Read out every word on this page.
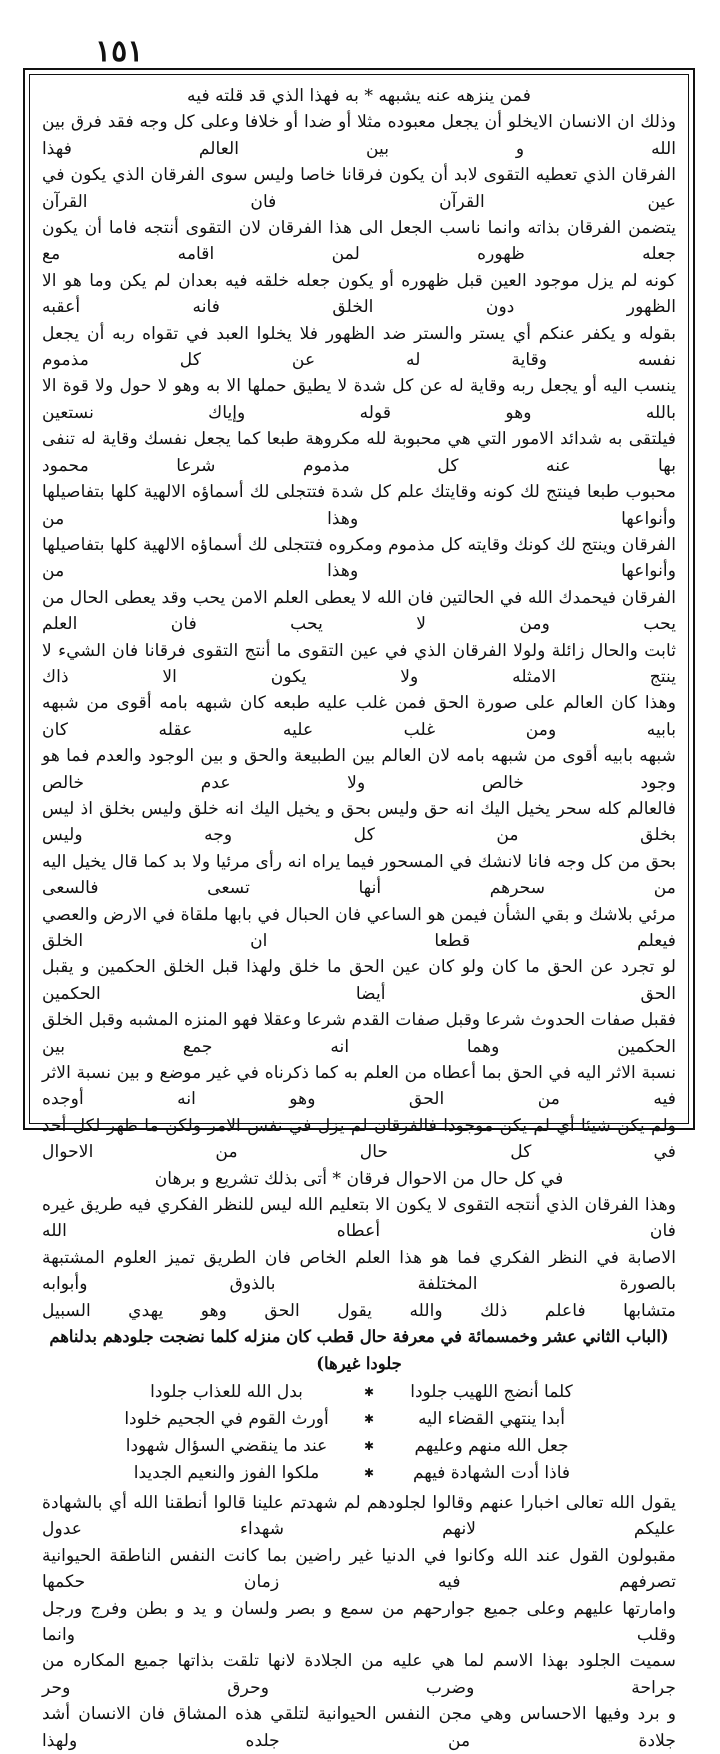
١٥١

فمن ينزهه عنه يشبهه * به فهذا الذي قد قلته فيه

وذلك ان الانسان الايخلو أن يجعل معبوده مثلا أو ضدا أو خلافا وعلى كل وجه فقد فرق بين الله و بين العالم فهذا

الفرقان الذي تعطيه التقوى لابد أن يكون فرقانا خاصا وليس سوى الفرقان الذي يكون في عين القرآن فان القرآن

يتضمن الفرقان بذاته وانما ناسب الجعل الى هذا الفرقان لان التقوى أنتجه فاما أن يكون جعله ظهوره لمن اقامه مع

كونه لم يزل موجود العين قبل ظهوره أو يكون جعله خلقه فيه بعدان لم يكن وما هو الا الظهور دون الخلق فانه أعقبه

بقوله و يكفر عنكم أي يستر والستر ضد الظهور فلا يخلوا العبد في تقواه ربه أن يجعل نفسه وقاية له عن كل مذموم

ينسب اليه أو يجعل ربه وقاية له عن كل شدة لا يطيق حملها الا به وهو لا حول ولا قوة الا بالله وهو قوله وإياك نستعين

فيلتقى به شدائد الامور التي هي محبوبة لله مكروهة طبعا كما يجعل نفسك وقاية له تنفى بها عنه كل مذموم شرعا محمود

محبوب طبعا فينتج لك كونه وقايتك علم كل شدة فتتجلى لك أسماؤه الالهية كلها بتفاصيلها وأنواعها وهذا من

الفرقان وينتج لك كونك وقايته كل مذموم ومكروه فتتجلى لك أسماؤه الالهية كلها بتفاصيلها وأنواعها وهذا من

الفرقان فيحمدك الله في الحالتين فان الله لا يعطى العلم الامن يحب وقد يعطى الحال من يحب ومن لا يحب فان العلم

ثابت والحال زائلة ولولا الفرقان الذي في عين التقوى ما أنتج التقوى فرقانا فان الشيء لا ينتج الامثله ولا يكون الا ذاك

وهذا كان العالم على صورة الحق فمن غلب عليه طبعه كان شبهه بامه أقوى من شبهه بابيه ومن غلب عليه عقله كان

شبهه بابيه أقوى من شبهه بامه لان العالم بين الطبيعة والحق و بين الوجود والعدم فما هو وجود خالص ولا عدم خالص

فالعالم كله سحر يخيل اليك انه حق وليس بحق و يخيل اليك انه خلق وليس بخلق اذ ليس بخلق من كل وجه وليس

بحق من كل وجه فانا لانشك في المسحور فيما يراه انه رأى مرئيا ولا بد كما قال يخيل اليه من سحرهم أنها تسعى فالسعى

مرئي بلاشك و بقي الشأن فيمن هو الساعي فان الحبال في بابها ملقاة في الارض والعصي فيعلم قطعا ان الخلق

لو تجرد عن الحق ما كان ولو كان عين الحق ما خلق ولهذا قبل الخلق الحكمين و يقبل الحق أيضا الحكمين

فقبل صفات الحدوث شرعا وقبل صفات القدم شرعا وعقلا فهو المنزه المشبه وقبل الخلق الحكمين وهما انه جمع بين

نسبة الاثر اليه في الحق بما أعطاه من العلم به كما ذكرناه في غير موضع و بين نسبة الاثر فيه من الحق وهو انه أوجده

ولم يكن شيئا أي لم يكن موجودا فالفرقان لم يزل في نفس الامر ولكن ما ظهر لكل أحد في كل حال من الاحوال

في كل حال من الاحوال فرقان * أتى بذلك تشريع و برهان

وهذا الفرقان الذي أنتجه التقوى لا يكون الا بتعليم الله ليس للنظر الفكري فيه طريق غيره فان أعطاه الله

الاصابة في النظر الفكري فما هو هذا العلم الخاص فان الطريق تميز العلوم المشتبهة بالصورة المختلفة بالذوق وأبوابه

متشابها فاعلم ذلك والله يقول الحق وهو يهدي السبيل

(الباب الثاني عشر وخمسمائة في معرفة حال قطب كان منزله كلما نضجت جلودهم بدلناهم جلودا غيرها)

كلما أنضج اللهيب جلودا
✱
بدل الله للعذاب جلودا
أبدا ينتهي القضاء اليه
✱
أورث القوم في الجحيم خلودا
جعل الله منهم وعليهم
✱
عند ما ينقضي السؤال شهودا
فاذا أدت الشهادة فيهم
✱
ملكوا الفوز والنعيم الجديدا

يقول الله تعالى اخبارا عنهم وقالوا لجلودهم لم شهدتم علينا قالوا أنطقنا الله أي بالشهادة عليكم لانهم شهداء عدول

مقبولون القول عند الله وكانوا في الدنيا غير راضين بما كانت النفس الناطقة الحيوانية تصرفهم فيه زمان حكمها

وامارتها عليهم وعلى جميع جوارحهم من سمع و بصر ولسان و يد و بطن وفرج ورجل وقلب وانما

سميت الجلود بهذا الاسم لما هي عليه من الجلادة لانها تلقت بذاتها جميع المكاره من جراحة وضرب وحرق وحر

و برد وفيها الاحساس وهي مجن النفس الحيوانية لتلقي هذه المشاق فان الانسان أشد جلادة من جلده ولهذا
